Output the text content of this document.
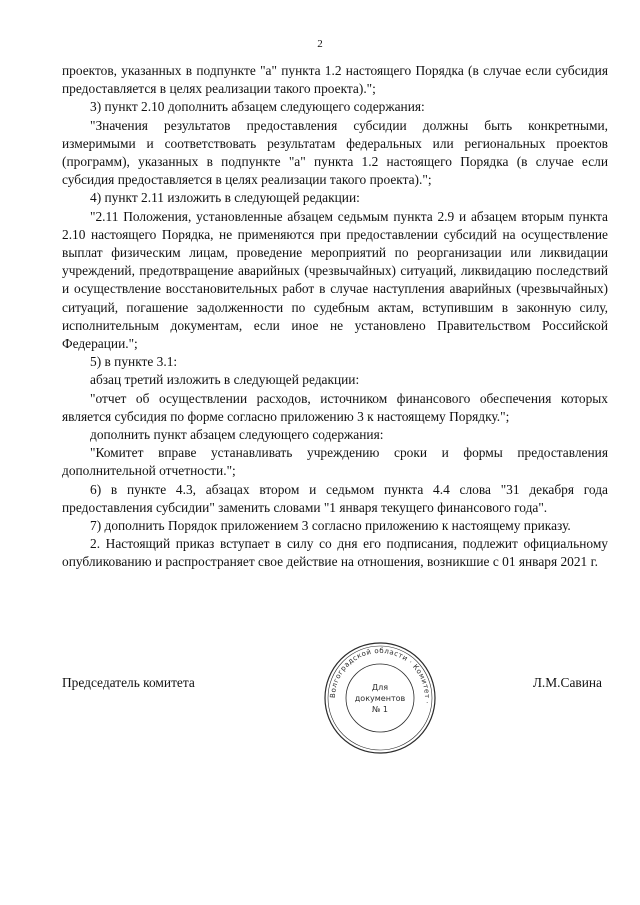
2

проектов, указанных в подпункте "а" пункта 1.2 настоящего Порядка (в случае если субсидия предоставляется в целях реализации такого проекта).";

3) пункт 2.10 дополнить абзацем следующего содержания:

"Значения результатов предоставления субсидии должны быть конкретными, измеримыми и соответствовать результатам федеральных или региональных проектов (программ), указанных в подпункте "а" пункта 1.2 настоящего Порядка (в случае если субсидия предоставляется в целях реализации такого проекта).";

4) пункт 2.11 изложить в следующей редакции:

"2.11 Положения, установленные абзацем седьмым пункта 2.9 и абзацем вторым пункта 2.10 настоящего Порядка, не применяются при предоставлении субсидий на осуществление выплат физическим лицам, проведение мероприятий по реорганизации или ликвидации учреждений, предотвращение аварийных (чрезвычайных) ситуаций, ликвидацию последствий и осуществление восстановительных работ в случае наступления аварийных (чрезвычайных) ситуаций, погашение задолженности по судебным актам, вступившим в законную силу, исполнительным документам, если иное не установлено Правительством Российской Федерации.";

5) в пункте 3.1:

абзац третий изложить в следующей редакции:

"отчет об осуществлении расходов, источником финансового обеспечения которых является субсидия по форме согласно приложению 3 к настоящему Порядку.";

дополнить пункт абзацем следующего содержания:

"Комитет вправе устанавливать учреждению сроки и формы предоставления дополнительной отчетности.";

6) в пункте 4.3, абзацах втором и седьмом пункта 4.4 слова "31 декабря года предоставления субсидии" заменить словами "1 января текущего финансового года".

7) дополнить Порядок приложением 3 согласно приложению к настоящему приказу.

2. Настоящий приказ вступает в силу со дня его подписания, подлежит официальному опубликованию и распространяет свое действие на отношения, возникшие с 01 января 2021 г.

Волгоградской области · Комитет ·
Для
документов
№ 1
Председатель комитета	Л.М.Савина
